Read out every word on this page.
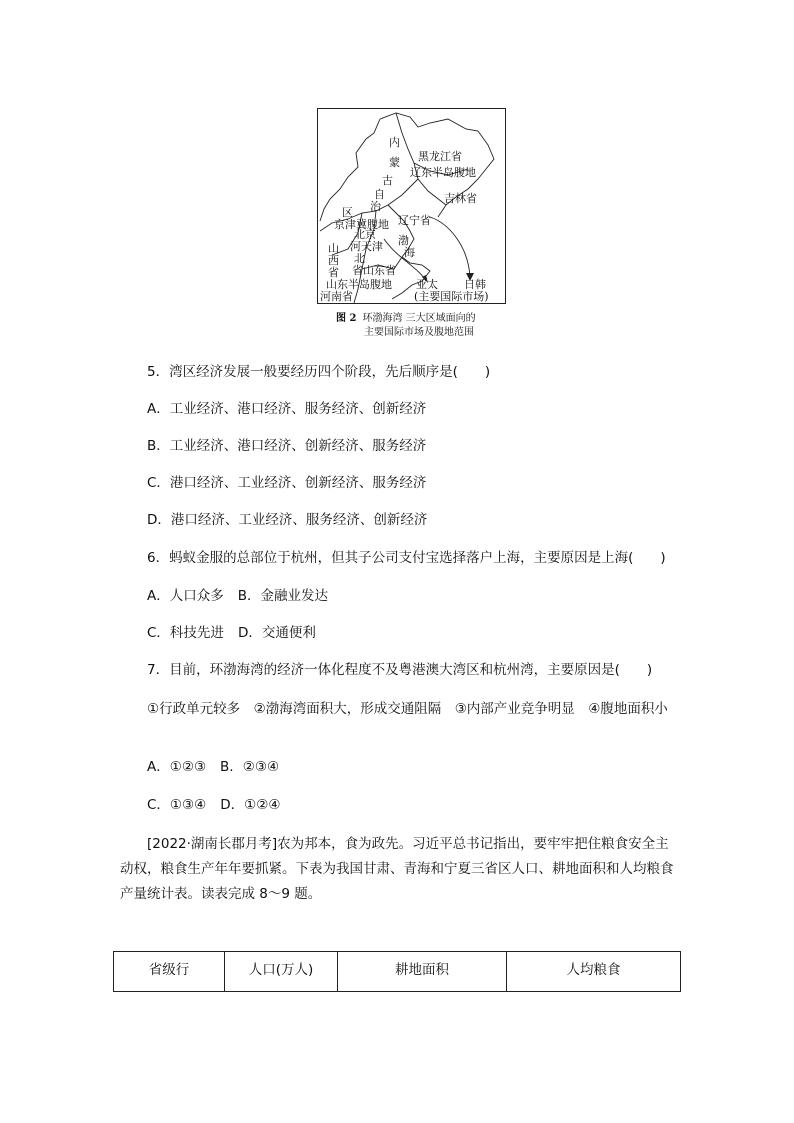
内
蒙
古
自
治
区
黑龙江省
辽东半岛腹地
吉林省
京津冀腹地 辽宁省
北京
河天津
北
渤
海
山
西
省 省山东省
山东半岛腹地
河南省
亚太 日韩
(主要国际市场)
图 2 环渤海湾 三大区域面向的
主要国际市场及腹地范围
5．湾区经济发展一般要经历四个阶段，先后顺序是(　　)
A．工业经济、港口经济、服务经济、创新经济
B．工业经济、港口经济、创新经济、服务经济
C．港口经济、工业经济、创新经济、服务经济
D．港口经济、工业经济、服务经济、创新经济
6．蚂蚁金服的总部位于杭州，但其子公司支付宝选择落户上海，主要原因是上海(　　)
A．人口众多 B．金融业发达
C．科技先进 D．交通便利
7．目前，环渤海湾的经济一体化程度不及粤港澳大湾区和杭州湾，主要原因是(　　)
①行政单元较多　②渤海湾面积大，形成交通阻隔　③内部产业竞争明显　④腹地面积小
A．①②③ B．②③④
C．①③④ D．①②④
[2022·湖南长郡月考]农为邦本，食为政先。习近平总书记指出，要牢牢把住粮食安全主动权，粮食生产年年要抓紧。下表为我国甘肃、青海和宁夏三省区人口、耕地面积和人均粮食产量统计表。读表完成 8～9 题。
省级行	人口(万人)	耕地面积	人均粮食
